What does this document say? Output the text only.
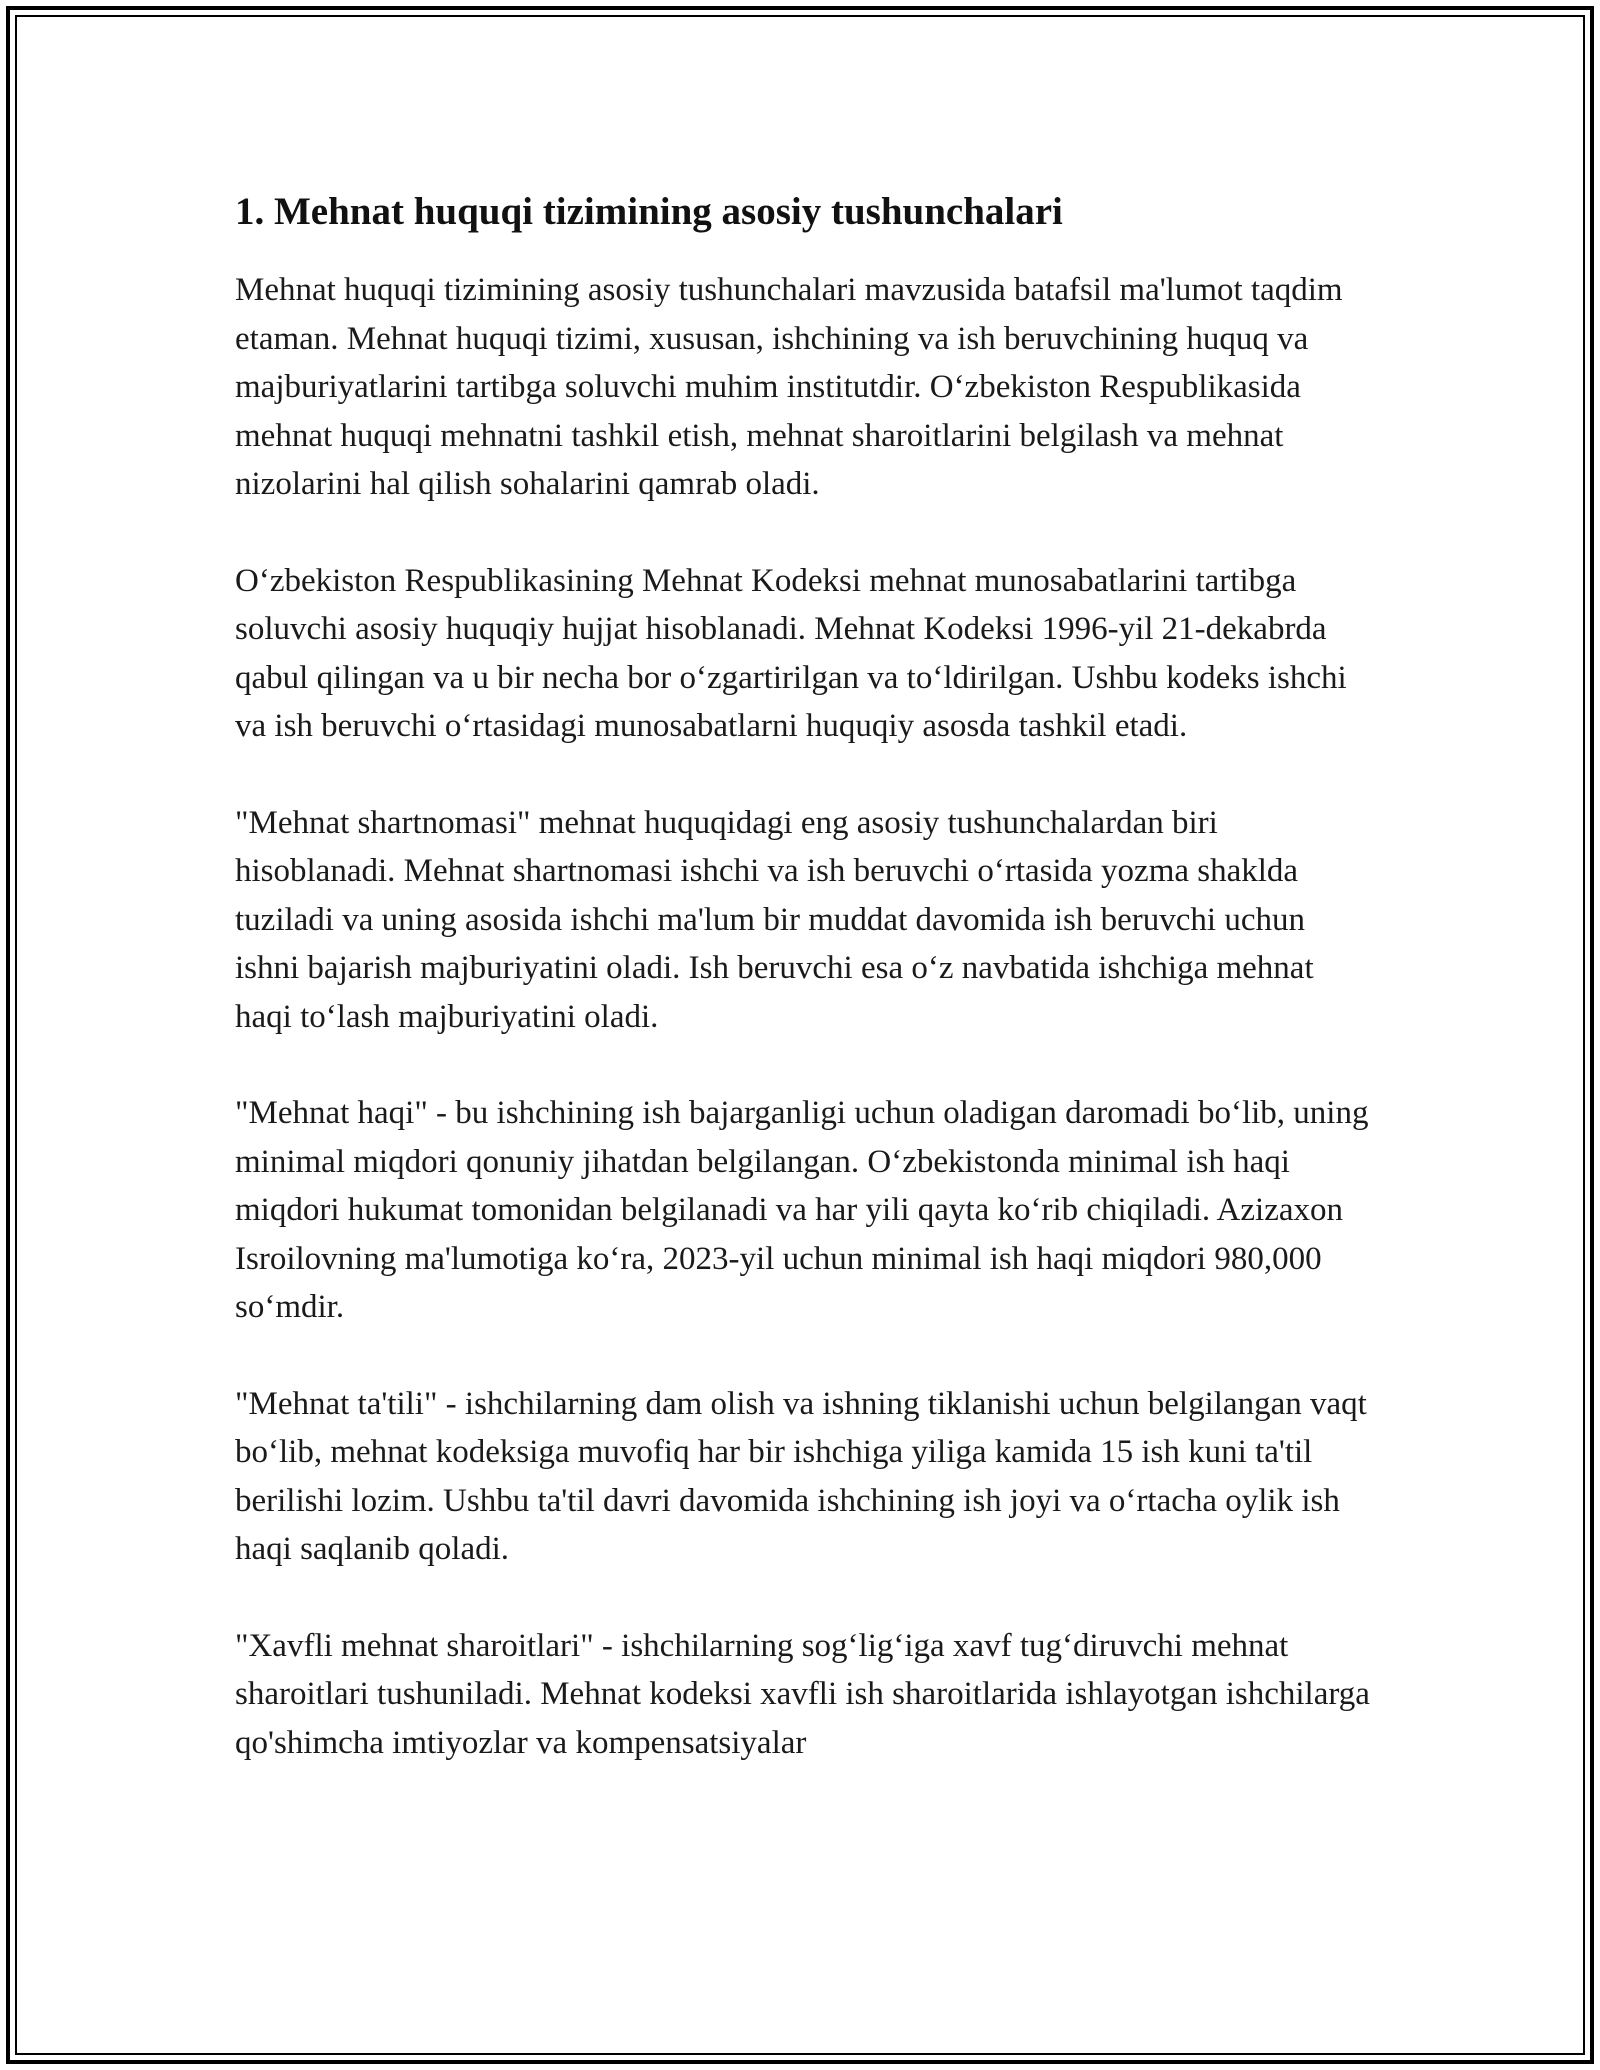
1. Mehnat huquqi tizimining asosiy tushunchalari

Mehnat huquqi tizimining asosiy tushunchalari mavzusida batafsil ma'lumot taqdim etaman. Mehnat huquqi tizimi, xususan, ishchining va ish beruvchining huquq va majburiyatlarini tartibga soluvchi muhim institutdir. O‘zbekiston Respublikasida mehnat huquqi mehnatni tashkil etish, mehnat sharoitlarini belgilash va mehnat nizolarini hal qilish sohalarini qamrab oladi.

O‘zbekiston Respublikasining Mehnat Kodeksi mehnat munosabatlarini tartibga soluvchi asosiy huquqiy hujjat hisoblanadi. Mehnat Kodeksi 1996-yil 21-dekabrda qabul qilingan va u bir necha bor o‘zgartirilgan va to‘ldirilgan. Ushbu kodeks ishchi va ish beruvchi o‘rtasidagi munosabatlarni huquqiy asosda tashkil etadi.

"Mehnat shartnomasi" mehnat huquqidagi eng asosiy tushunchalardan biri hisoblanadi. Mehnat shartnomasi ishchi va ish beruvchi o‘rtasida yozma shaklda tuziladi va uning asosida ishchi ma'lum bir muddat davomida ish beruvchi uchun ishni bajarish majburiyatini oladi. Ish beruvchi esa o‘z navbatida ishchiga mehnat haqi to‘lash majburiyatini oladi.

"Mehnat haqi" - bu ishchining ish bajarganligi uchun oladigan daromadi bo‘lib, uning minimal miqdori qonuniy jihatdan belgilangan. O‘zbekistonda minimal ish haqi miqdori hukumat tomonidan belgilanadi va har yili qayta ko‘rib chiqiladi. Azizaxon Isroilovning ma'lumotiga ko‘ra, 2023-yil uchun minimal ish haqi miqdori 980,000 so‘mdir.

"Mehnat ta'tili" - ishchilarning dam olish va ishning tiklanishi uchun belgilangan vaqt bo‘lib, mehnat kodeksiga muvofiq har bir ishchiga yiliga kamida 15 ish kuni ta'til berilishi lozim. Ushbu ta'til davri davomida ishchining ish joyi va o‘rtacha oylik ish haqi saqlanib qoladi.

"Xavfli mehnat sharoitlari" - ishchilarning sog‘lig‘iga xavf tug‘diruvchi mehnat sharoitlari tushuniladi. Mehnat kodeksi xavfli ish sharoitlarida ishlayotgan ishchilarga qo'shimcha imtiyozlar va kompensatsiyalar
